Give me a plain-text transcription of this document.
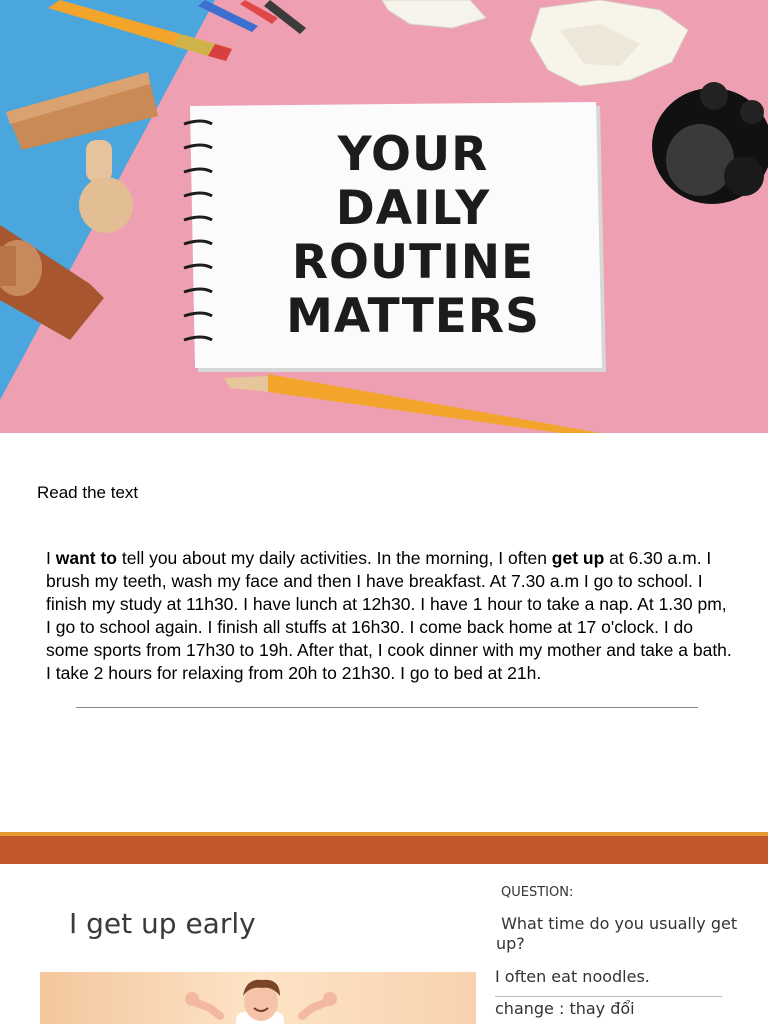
YOUR
DAILY
ROUTINE
MATTERS
Read the text
I want to tell you about my daily activities. In the morning, I often get up at 6.30 a.m. I brush my teeth, wash my face and then I have breakfast. At 7.30 a.m I go to school. I finish my study at 11h30. I have lunch at 12h30. I have 1 hour to take a nap. At 1.30 pm, I go to school again. I finish all stuffs at 16h30. I come back home at 17 o'clock. I do some sports from 17h30 to 19h. After that, I cook dinner with my mother and take a bath. I take 2 hours for relaxing from 20h to 21h30. I go to bed at 21h.
I get up early
QUESTION:
What time do you usually get up?
I often eat noodles.
change : thay đổi
